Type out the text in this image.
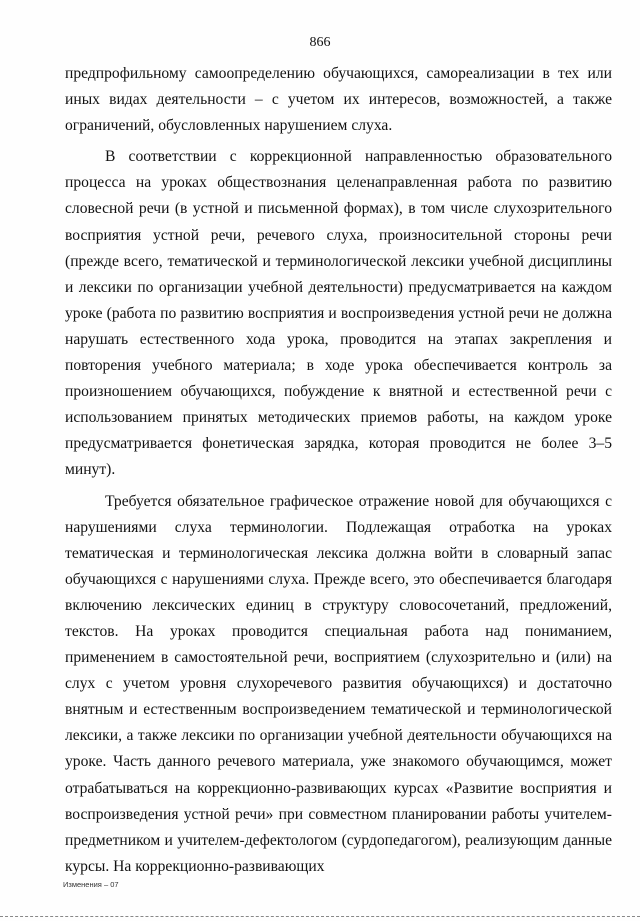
866

предпрофильному самоопределению обучающихся, самореализации в тех или иных видах деятельности – с учетом их интересов, возможностей, а также ограничений, обусловленных нарушением слуха.

В соответствии с коррекционной направленностью образовательного процесса на уроках обществознания целенаправленная работа по развитию словесной речи (в устной и письменной формах), в том числе слухозрительного восприятия устной речи, речевого слуха, произносительной стороны речи (прежде всего, тематической и терминологической лексики учебной дисциплины и лексики по организации учебной деятельности) предусматривается на каждом уроке (работа по развитию восприятия и воспроизведения устной речи не должна нарушать естественного хода урока, проводится на этапах закрепления и повторения учебного материала; в ходе урока обеспечивается контроль за произношением обучающихся, побуждение к внятной и естественной речи с использованием принятых методических приемов работы, на каждом уроке предусматривается фонетическая зарядка, которая проводится не более 3–5 минут).

Требуется обязательное графическое отражение новой для обучающихся с нарушениями слуха терминологии. Подлежащая отработка на уроках тематическая и терминологическая лексика должна войти в словарный запас обучающихся с нарушениями слуха. Прежде всего, это обеспечивается благодаря включению лексических единиц в структуру словосочетаний, предложений, текстов. На уроках проводится специальная работа над пониманием, применением в самостоятельной речи, восприятием (слухозрительно и (или) на слух с учетом уровня слухоречевого развития обучающихся) и достаточно внятным и естественным воспроизведением тематической и терминологической лексики, а также лексики по организации учебной деятельности обучающихся на уроке. Часть данного речевого материала, уже знакомого обучающимся, может отрабатываться на коррекционно-развивающих курсах «Развитие восприятия и воспроизведения устной речи» при совместном планировании работы учителем-предметником и учителем-дефектологом (сурдопедагогом), реализующим данные курсы. На коррекционно-развивающих

Изменения – 07
